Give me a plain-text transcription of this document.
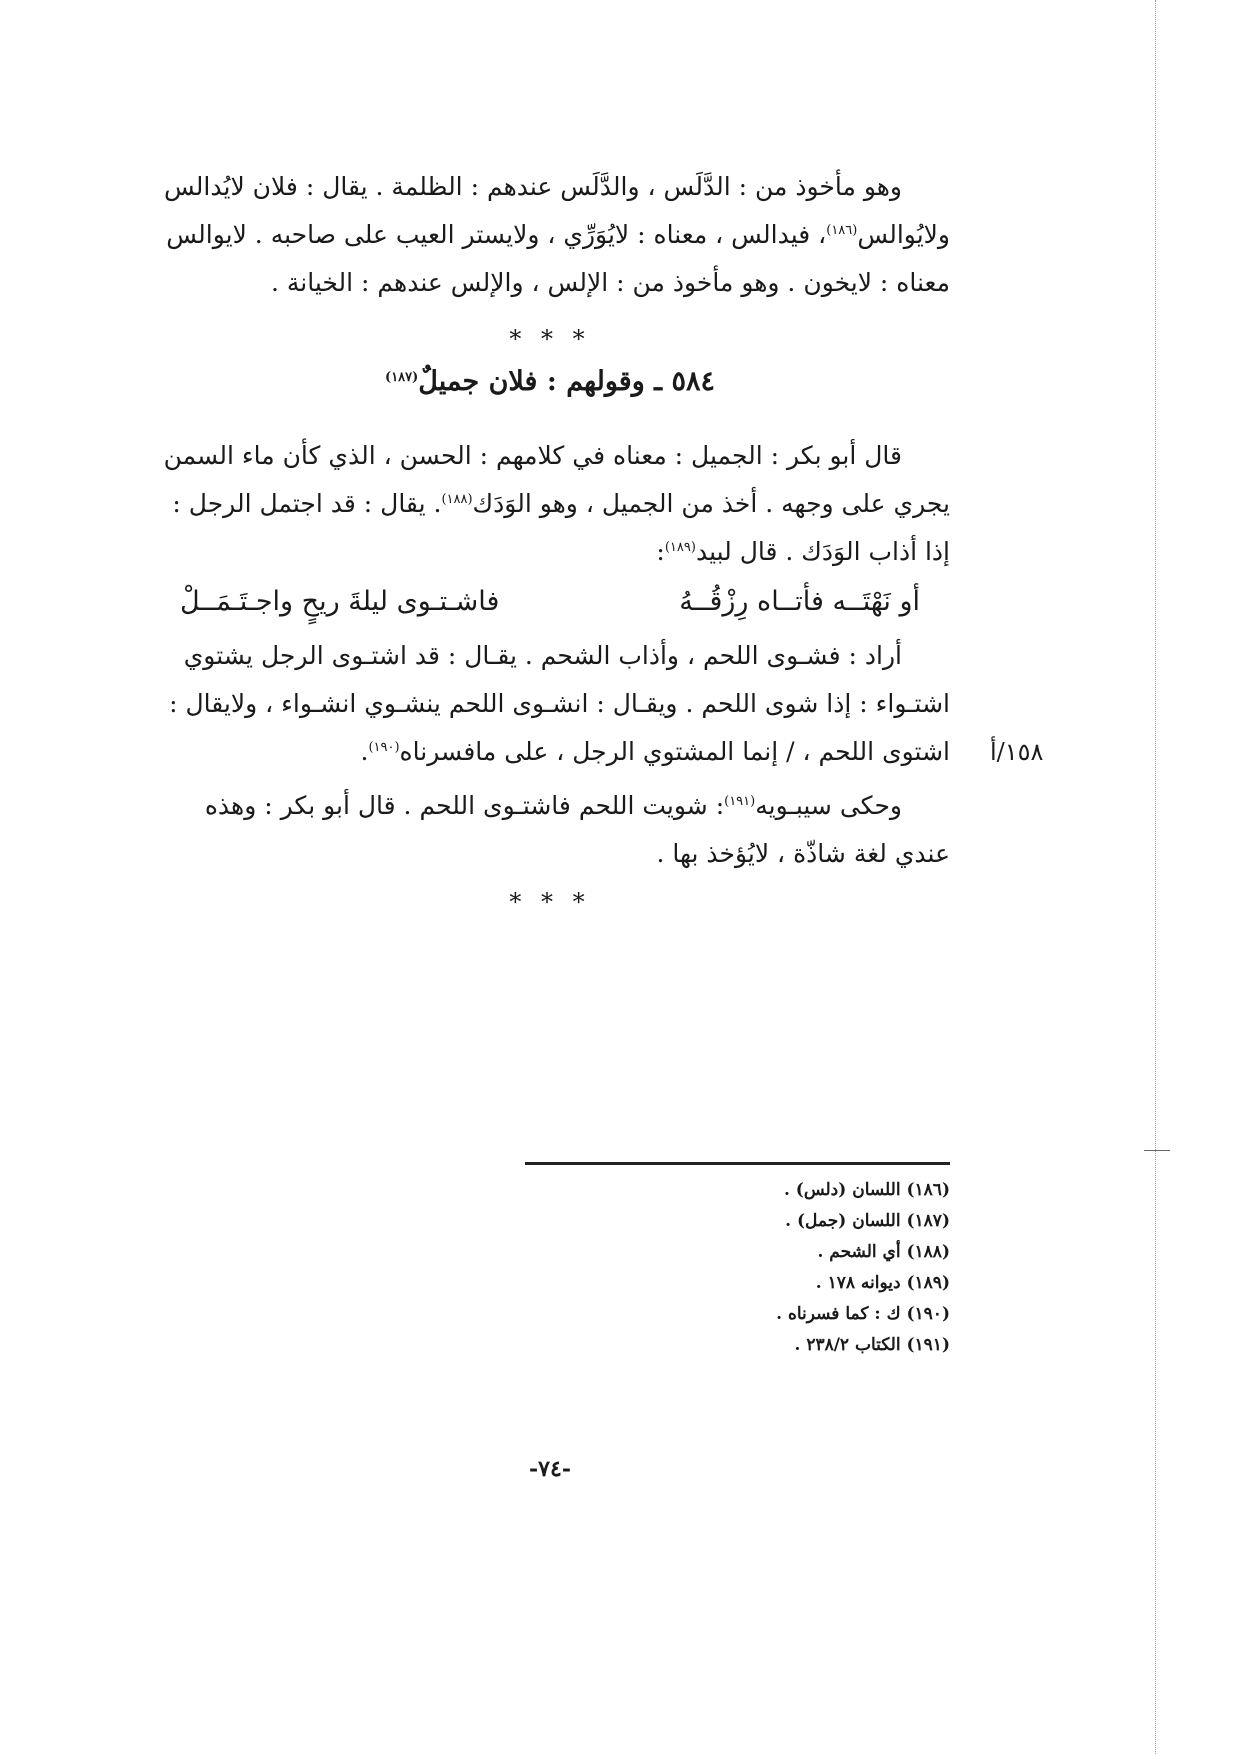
وهو مأخوذ من : الدَّلَس ، والدَّلَس عندهم : الظلمة . يقال : فلان لايُدالس

ولايُوالس$^{(١٨٦)}$، فيدالس ، معناه : لايُوَرِّي ، ولايستر العيب على صاحبه . لايوالس

معناه : لايخون . وهو مأخوذ من : الإلس ، والإلس عندهم : الخيانة .

* * *
٥٨٤ ـ وقولهم : فلان جميلٌ$^{(١٨٧)}$

قال أبو بكر : الجميل : معناه في كلامهم : الحسن ، الذي كأن ماء السمن

يجري على وجهه . أخذ من الجميل ، وهو الوَدَك$^{(١٨٨)}$. يقال : قد اجتمل الرجل :

إذا أذاب الوَدَك . قال لبيد$^{(١٨٩)}$:

أو نَهْتَــه فأتــاه رِزْقُــهُ
فاشـتـوى ليلةَ ريحٍ واجـتَـمَــلْ

أراد : فشـوى اللحم ، وأذاب الشحم . يقـال : قد اشتـوى الرجل يشتوي

اشتـواء : إذا شوى اللحم . ويقـال : انشـوى اللحم ينشـوي انشـواء ، ولايقال :

اشتوى اللحم ، / إنما المشتوي الرجل ، على مافسرناه$^{(١٩٠)}$.	١٥٨/أ

وحكى سيبـويه$^{(١٩١)}$: شويت اللحم فاشتـوى اللحم . قال أبو بكر : وهذه

عندي لغة شاذّة ، لايُؤخذ بها .

* * *
(١٨٦) اللسان (دلس) .
(١٨٧) اللسان (جمل) .
(١٨٨) أي الشحم .
(١٨٩) ديوانه ١٧٨ .
(١٩٠) ك : كما فسرناه .
(١٩١) الكتاب ٢٣٨/٢ .
-٧٤-
